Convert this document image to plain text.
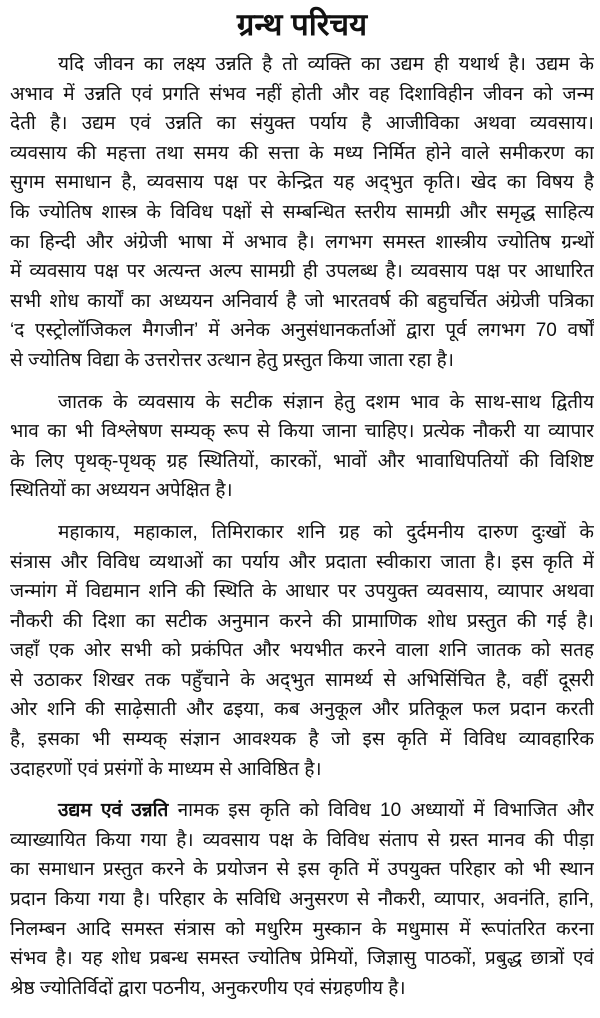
ग्रन्थ परिचय
यदि जीवन का लक्ष्य उन्नति है तो व्यक्ति का उद्यम ही यथार्थ है। उद्यम के
अभाव में उन्नति एवं प्रगति संभव नहीं होती और वह दिशाविहीन जीवन को जन्म
देती है। उद्यम एवं उन्नति का संयुक्त पर्याय है आजीविका अथवा व्यवसाय।
व्यवसाय की महत्ता तथा समय की सत्ता के मध्य निर्मित होने वाले समीकरण का
सुगम समाधान है, व्यवसाय पक्ष पर केन्द्रित यह अद्‌भुत कृति। खेद का विषय है
कि ज्योतिष शास्त्र के विविध पक्षों से सम्बन्धित स्तरीय सामग्री और समृद्ध साहित्य
का हिन्दी और अंग्रेजी भाषा में अभाव है। लगभग समस्त शास्त्रीय ज्योतिष ग्रन्थों
में व्यवसाय पक्ष पर अत्यन्त अल्प सामग्री ही उपलब्ध है। व्यवसाय पक्ष पर आधारित
सभी शोध कार्यों का अध्ययन अनिवार्य है जो भारतवर्ष की बहुचर्चित अंग्रेजी पत्रिका
‘द एस्ट्रोलॉजिकल मैगजीन’ में अनेक अनुसंधानकर्ताओं द्वारा पूर्व लगभग 70 वर्षों
से ज्योतिष विद्या के उत्तरोत्तर उत्थान हेतु प्रस्तुत किया जाता रहा है।
जातक के व्यवसाय के सटीक संज्ञान हेतु दशम भाव के साथ-साथ द्वितीय
भाव का भी विश्लेषण सम्यक् रूप से किया जाना चाहिए। प्रत्येक नौकरी या व्यापार
के लिए पृथक्-पृथक् ग्रह स्थितियों, कारकों, भावों और भावाधिपतियों की विशिष्ट
स्थितियों का अध्ययन अपेक्षित है।
महाकाय, महाकाल, तिमिराकार शनि ग्रह को दुर्दमनीय दारुण दुःखों के
संत्रास और विविध व्यथाओं का पर्याय और प्रदाता स्वीकारा जाता है। इस कृति में
जन्मांग में विद्यमान शनि की स्थिति के आधार पर उपयुक्त व्यवसाय, व्यापार अथवा
नौकरी की दिशा का सटीक अनुमान करने की प्रामाणिक शोध प्रस्तुत की गई है।
जहाँ एक ओर सभी को प्रकंपित और भयभीत करने वाला शनि जातक को सतह
से उठाकर शिखर तक पहुँचाने के अद्‌भुत सामर्थ्य से अभिसिंचित है, वहीं दूसरी
ओर शनि की साढ़ेसाती और ढइया, कब अनुकूल और प्रतिकूल फल प्रदान करती
है, इसका भी सम्यक् संज्ञान आवश्यक है जो इस कृति में विविध व्यावहारिक
उदाहरणों एवं प्रसंगों के माध्यम से आविष्ठित है।
उद्यम एवं उन्नति नामक इस कृति को विविध 10 अध्यायों में विभाजित और
व्याख्यायित किया गया है। व्यवसाय पक्ष के विविध संताप से ग्रस्त मानव की पीड़ा
का समाधान प्रस्तुत करने के प्रयोजन से इस कृति में उपयुक्त परिहार को भी स्थान
प्रदान किया गया है। परिहार के सविधि अनुसरण से नौकरी, व्यापार, अवनंति, हानि,
निलम्बन आदि समस्त संत्रास को मधुरिम मुस्कान के मधुमास में रूपांतरित करना
संभव है। यह शोध प्रबन्ध समस्त ज्योतिष प्रेमियों, जिज्ञासु पाठकों, प्रबुद्ध छात्रों एवं
श्रेष्ठ ज्योतिर्विदों द्वारा पठनीय, अनुकरणीय एवं संग्रहणीय है।
